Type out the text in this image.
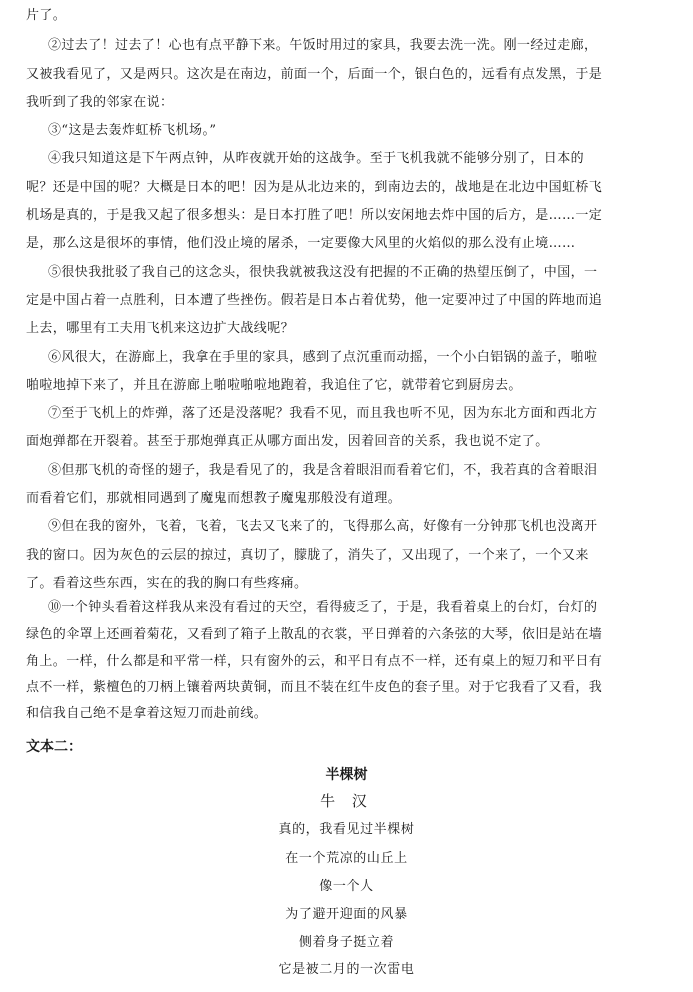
片了。
②过去了！过去了！心也有点平静下来。午饭时用过的家具，我要去洗一洗。刚一经过走廊，
又被我看见了，又是两只。这次是在南边，前面一个，后面一个，银白色的，远看有点发黑，于是
我听到了我的邻家在说：
③“这是去轰炸虹桥飞机场。”
④我只知道这是下午两点钟，从昨夜就开始的这战争。至于飞机我就不能够分别了，日本的
呢？还是中国的呢？大概是日本的吧！因为是从北边来的，到南边去的，战地是在北边中国虹桥飞
机场是真的，于是我又起了很多想头：是日本打胜了吧！所以安闲地去炸中国的后方，是……一定
是，那么这是很坏的事情，他们没止境的屠杀，一定要像大风里的火焰似的那么没有止境……
⑤很快我批驳了我自己的这念头，很快我就被我这没有把握的不正确的热望压倒了，中国，一
定是中国占着一点胜利，日本遭了些挫伤。假若是日本占着优势，他一定要冲过了中国的阵地而追
上去，哪里有工夫用飞机来这边扩大战线呢？
⑥风很大，在游廊上，我拿在手里的家具，感到了点沉重而动摇，一个小白铝锅的盖子，啪啦
啪啦地掉下来了，并且在游廊上啪啦啪啦地跑着，我追住了它，就带着它到厨房去。
⑦至于飞机上的炸弹，落了还是没落呢？我看不见，而且我也听不见，因为东北方面和西北方
面炮弹都在开裂着。甚至于那炮弹真正从哪方面出发，因着回音的关系，我也说不定了。
⑧但那飞机的奇怪的翅子，我是看见了的，我是含着眼泪而看着它们，不，我若真的含着眼泪
而看着它们，那就相同遇到了魔鬼而想教子魔鬼那般没有道理。
⑨但在我的窗外，飞着，飞着，飞去又飞来了的，飞得那么高，好像有一分钟那飞机也没离开
我的窗口。因为灰色的云层的掠过，真切了，朦胧了，消失了，又出现了，一个来了，一个又来
了。看着这些东西，实在的我的胸口有些疼痛。
⑩一个钟头看着这样我从来没有看过的天空，看得疲乏了，于是，我看着桌上的台灯，台灯的
绿色的伞罩上还画着菊花，又看到了箱子上散乱的衣裳，平日弹着的六条弦的大琴，依旧是站在墙
角上。一样，什么都是和平常一样，只有窗外的云，和平日有点不一样，还有桌上的短刀和平日有
点不一样，紫檀色的刀柄上镶着两块黄铜，而且不装在红牛皮色的套子里。对于它我看了又看，我
和信我自己绝不是拿着这短刀而赴前线。
文本二：
半棵树
牛 汉
真的，我看见过半棵树
在一个荒凉的山丘上
像一个人
为了避开迎面的风暴
侧着身子挺立着
它是被二月的一次雷电
